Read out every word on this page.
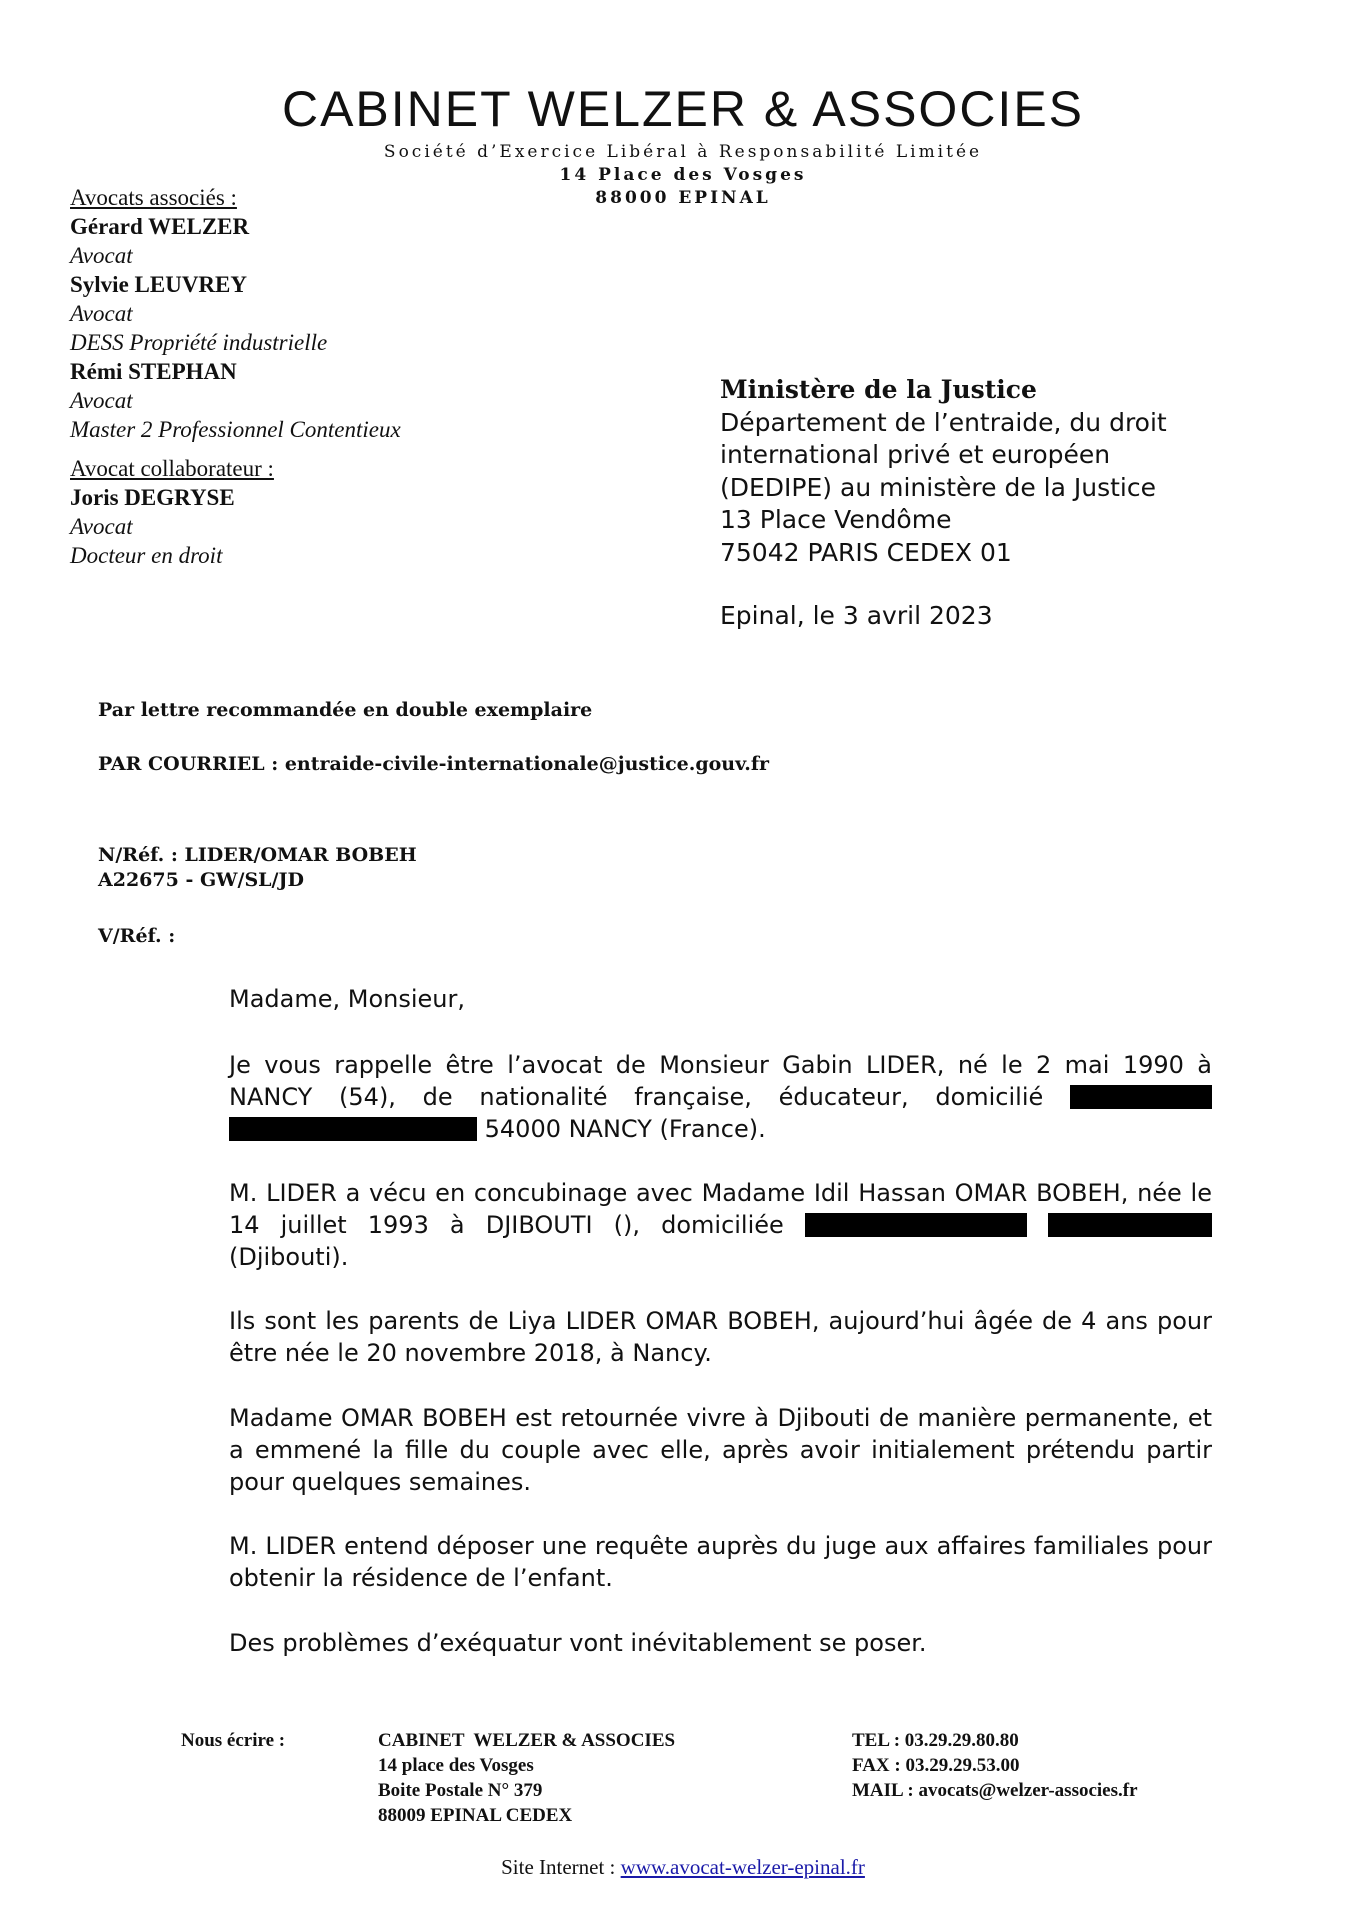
CABINET WELZER & ASSOCIES
Société d’Exercice Libéral à Responsabilité Limitée
14 Place des Vosges
88000 EPINAL
Avocats associés :
Gérard WELZER
Avocat
Sylvie LEUVREY
Avocat
DESS Propriété industrielle
Rémi STEPHAN
Avocat
Master 2 Professionnel Contentieux
Avocat collaborateur :
Joris DEGRYSE
Avocat
Docteur en droit
Ministère de la Justice
Département de l’entraide, du droit
international privé et européen
(DEDIPE) au ministère de la Justice
13 Place Vendôme
75042 PARIS CEDEX 01
Epinal, le 3 avril 2023
Par lettre recommandée en double exemplaire
PAR COURRIEL : entraide-civile-internationale@justice.gouv.fr
N/Réf. : LIDER/OMAR BOBEH
A22675 - GW/SL/JD
V/Réf. :
Madame, Monsieur,
Je vous rappelle être l’avocat de Monsieur Gabin LIDER, né le 2 mai 1990 à NANCY (54), de nationalité française, éducateur, domicilié   54000 NANCY (France).
M. LIDER a vécu en concubinage avec Madame Idil Hassan OMAR BOBEH, née le 14 juillet 1993 à DJIBOUTI (), domiciliée   (Djibouti).
Ils sont les parents de Liya LIDER OMAR BOBEH, aujourd’hui âgée de 4 ans pour être née le 20 novembre 2018, à Nancy.
Madame OMAR BOBEH est retournée vivre à Djibouti de manière permanente, et a emmené la fille du couple avec elle, après avoir initialement prétendu partir pour quelques semaines.
M. LIDER entend déposer une requête auprès du juge aux affaires familiales pour obtenir la résidence de l’enfant.
Des problèmes d’exéquatur vont inévitablement se poser.
Nous écrire :	CABINET  WELZER & ASSOCIES
14 place des Vosges
Boite Postale N° 379
88009 EPINAL CEDEX
TEL : 03.29.29.80.80
FAX : 03.29.29.53.00
MAIL : avocats@welzer-associes.fr
Site Internet : www.avocat-welzer-epinal.fr
